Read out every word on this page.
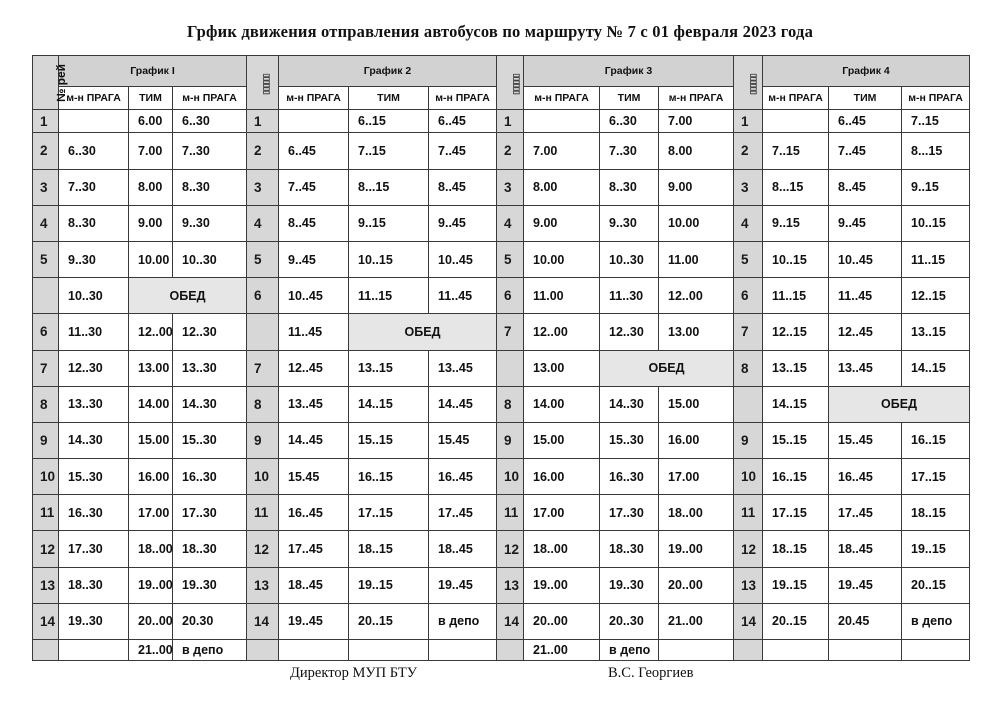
Грфик движения отправления автобусов по маршруту № 7 с 01 февраля 2023 года
№ рей	График I			▯▯▯▯▯▯	График 2			▯▯▯▯▯▯	График 3			▯▯▯▯▯▯	График 4		
	м-н ПРАГА	ТИМ	м-н ПРАГА		м-н ПРАГА	ТИМ	м-н ПРАГА		м-н ПРАГА	ТИМ	м-н ПРАГА		м-н ПРАГА	ТИМ	м-н ПРАГА
1		6.00	6..30	1		6..15	6..45	1		6..30	7.00	1		6..45	7..15
2	6..30	7.00	7..30	2	6..45	7..15	7..45	2	7.00	7..30	8.00	2	7..15	7..45	8...15
3	7..30	8.00	8..30	3	7..45	8...15	8..45	3	8.00	8..30	9.00	3	8...15	8..45	9..15
4	8..30	9.00	9..30	4	8..45	9..15	9..45	4	9.00	9..30	10.00	4	9..15	9..45	10..15
5	9..30	10.00	10..30	5	9..45	10..15	10..45	5	10.00	10..30	11.00	5	10..15	10..45	11..15
	10..30	ОБЕД		6	10..45	11..15	11..45	6	11.00	11..30	12..00	6	11..15	11..45	12..15
6	11..30	12..00	12..30		11..45	ОБЕД		7	12..00	12..30	13.00	7	12..15	12..45	13..15
7	12..30	13.00	13..30	7	12..45	13..15	13..45		13.00	ОБЕД		8	13..15	13..45	14..15
8	13..30	14.00	14..30	8	13..45	14..15	14..45	8	14.00	14..30	15.00		14..15	ОБЕД	
9	14..30	15.00	15..30	9	14..45	15..15	15.45	9	15.00	15..30	16.00	9	15..15	15..45	16..15
10	15..30	16.00	16..30	10	15.45	16..15	16..45	10	16.00	16..30	17.00	10	16..15	16..45	17..15
11	16..30	17.00	17..30	11	16..45	17..15	17..45	11	17.00	17..30	18..00	11	17..15	17..45	18..15
12	17..30	18..00	18..30	12	17..45	18..15	18..45	12	18..00	18..30	19..00	12	18..15	18..45	19..15
13	18..30	19..00	19..30	13	18..45	19..15	19..45	13	19..00	19..30	20..00	13	19..15	19..45	20..15
14	19..30	20..00	20.30	14	19..45	20..15	в депо	14	20..00	20..30	21..00	14	20..15	20.45	в депо
		21..00	в депо						21..00	в депо					
Директор МУП БТУ	В.С. Георгиев
